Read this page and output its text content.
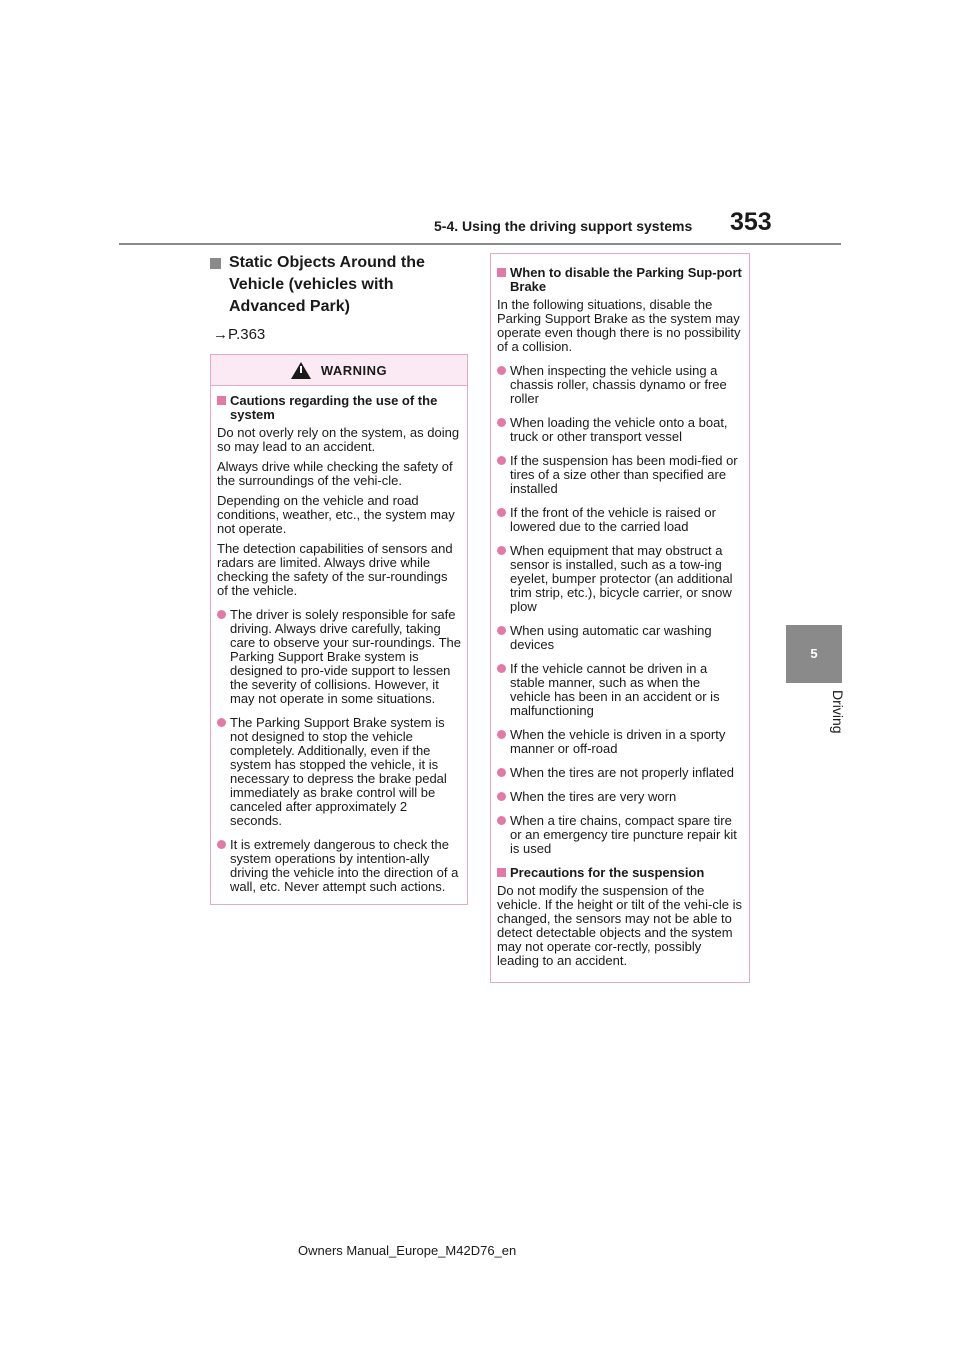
5-4. Using the driving support systems 353
5
Driving
Static Objects Around the Vehicle (vehicles with Advanced Park)
→P.363
WARNING
Cautions regarding the use of the system

Do not overly rely on the system, as doing so may lead to an accident.

Always drive while checking the safety of the surroundings of the vehi-cle.

Depending on the vehicle and road conditions, weather, etc., the system may not operate.

The detection capabilities of sensors and radars are limited. Always drive while checking the safety of the sur-roundings of the vehicle.

The driver is solely responsible for safe driving. Always drive carefully, taking care to observe your sur-roundings. The Parking Support Brake system is designed to pro-vide support to lessen the severity of collisions. However, it may not operate in some situations.
The Parking Support Brake system is not designed to stop the vehicle completely. Additionally, even if the system has stopped the vehicle, it is necessary to depress the brake pedal immediately as brake control will be canceled after approximately 2 seconds.
It is extremely dangerous to check the system operations by intention-ally driving the vehicle into the direction of a wall, etc. Never attempt such actions.
When to disable the Parking Sup-port Brake

In the following situations, disable the Parking Support Brake as the system may operate even though there is no possibility of a collision.

When inspecting the vehicle using a chassis roller, chassis dynamo or free roller
When loading the vehicle onto a boat, truck or other transport vessel
If the suspension has been modi-fied or tires of a size other than specified are installed
If the front of the vehicle is raised or lowered due to the carried load
When equipment that may obstruct a sensor is installed, such as a tow-ing eyelet, bumper protector (an additional trim strip, etc.), bicycle carrier, or snow plow
When using automatic car washing devices
If the vehicle cannot be driven in a stable manner, such as when the vehicle has been in an accident or is malfunctioning
When the vehicle is driven in a sporty manner or off-road
When the tires are not properly inflated
When the tires are very worn
When a tire chains, compact spare tire or an emergency tire puncture repair kit is used
Precautions for the suspension

Do not modify the suspension of the vehicle. If the height or tilt of the vehi-cle is changed, the sensors may not be able to detect detectable objects and the system may not operate cor-rectly, possibly leading to an accident.

Owners Manual_Europe_M42D76_en
